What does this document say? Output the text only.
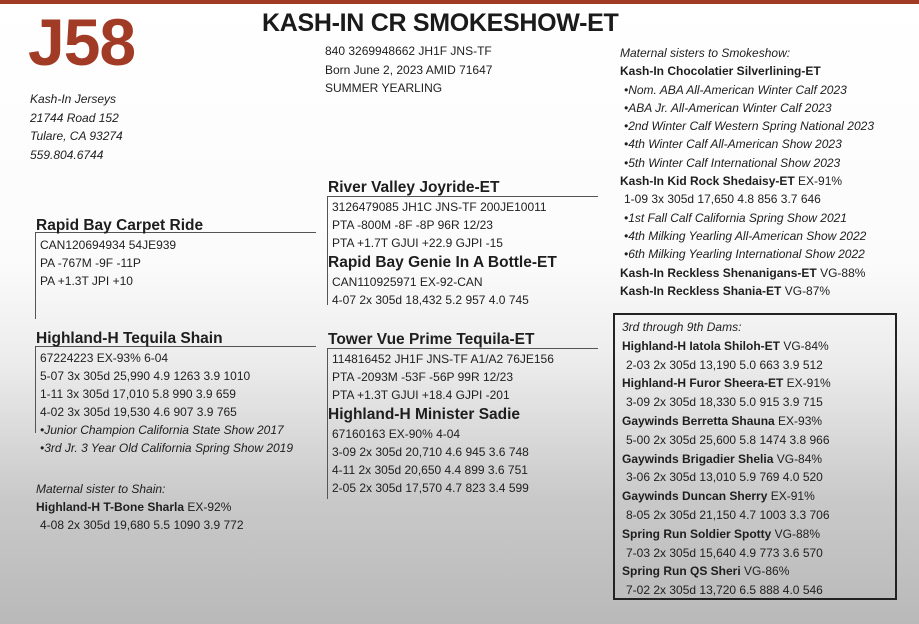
J58	KASH-IN CR SMOKESHOW-ET
840 3269948662 JH1F JNS-TF
Born June 2, 2023 AMID 71647
SUMMER YEARLING
Kash-In Jerseys
21744 Road 152
Tulare, CA 93274
559.804.6744
River Valley Joyride-ET
3126479085 JH1C JNS-TF 200JE10011
PTA -800M -8F -8P 96R 12/23
PTA +1.7T GJUI +22.9 GJPI -15
Rapid Bay Carpet Ride
CAN120694934 54JE939
PA -767M -9F -11P
PA +1.3T JPI +10
Rapid Bay Genie In A Bottle-ET
CAN110925971 EX-92-CAN
4-07 2x 305d 18,432 5.2 957 4.0 745
Highland-H Tequila Shain
67224223 EX-93% 6-04
5-07 3x 305d 25,990 4.9 1263 3.9 1010
1-11 3x 305d 17,010 5.8 990 3.9 659
4-02 3x 305d 19,530 4.6 907 3.9 765
•Junior Champion California State Show 2017
•3rd Jr. 3 Year Old California Spring Show 2019
Tower Vue Prime Tequila-ET
114816452 JH1F JNS-TF A1/A2 76JE156
PTA -2093M -53F -56P 99R 12/23
PTA +1.3T GJUI +18.4 GJPI -201
Highland-H Minister Sadie
67160163 EX-90% 4-04
3-09 2x 305d 20,710 4.6 945 3.6 748
4-11 2x 305d 20,650 4.4 899 3.6 751
2-05 2x 305d 17,570 4.7 823 3.4 599
Maternal sister to Shain:
Highland-H T-Bone Sharla EX-92%
4-08 2x 305d 19,680 5.5 1090 3.9 772
Maternal sisters to Smokeshow:
Kash-In Chocolatier Silverlining-ET
•Nom. ABA All-American Winter Calf 2023
•ABA Jr. All-American Winter Calf 2023
•2nd Winter Calf Western Spring National 2023
•4th Winter Calf All-American Show 2023
•5th Winter Calf International Show 2023
Kash-In Kid Rock Shedaisy-ET EX-91%
1-09 3x 305d 17,650 4.8 856 3.7 646
•1st Fall Calf California Spring Show 2021
•4th Milking Yearling All-American Show 2022
•6th Milking Yearling International Show 2022
Kash-In Reckless Shenanigans-ET VG-88%
Kash-In Reckless Shania-ET VG-87%
3rd through 9th Dams:
Highland-H Iatola Shiloh-ET VG-84%
2-03 2x 305d 13,190 5.0 663 3.9 512
Highland-H Furor Sheera-ET EX-91%
3-09 2x 305d 18,330 5.0 915 3.9 715
Gaywinds Berretta Shauna EX-93%
5-00 2x 305d 25,600 5.8 1474 3.8 966
Gaywinds Brigadier Shelia VG-84%
3-06 2x 305d 13,010 5.9 769 4.0 520
Gaywinds Duncan Sherry EX-91%
8-05 2x 305d 21,150 4.7 1003 3.3 706
Spring Run Soldier Spotty VG-88%
7-03 2x 305d 15,640 4.9 773 3.6 570
Spring Run QS Sheri VG-86%
7-02 2x 305d 13,720 6.5 888 4.0 546
